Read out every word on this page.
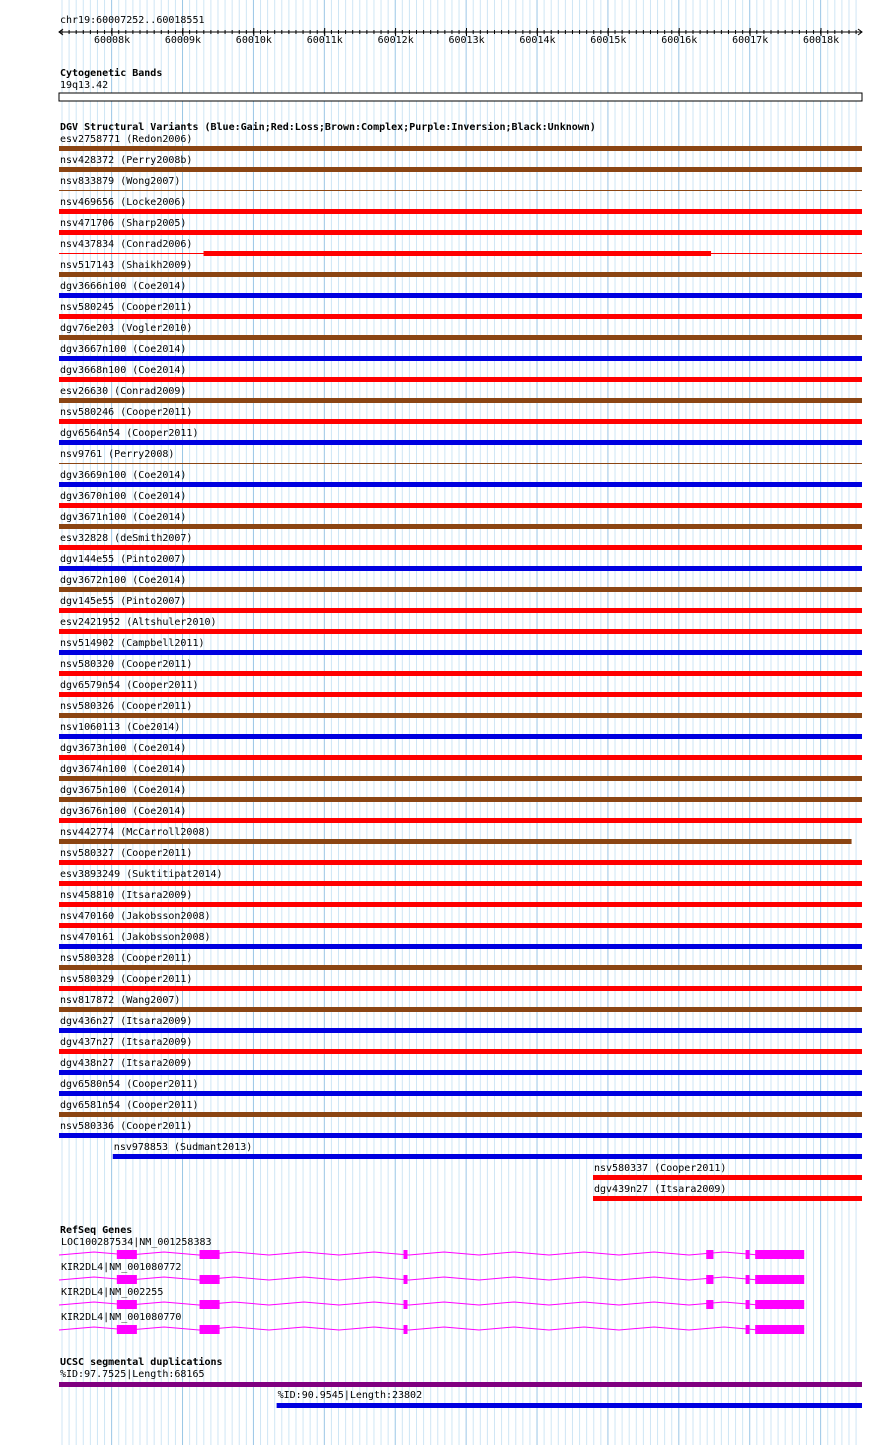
chr19:60007252..60018551
60008k	60009k	60010k	60011k	60012k	60013k	60014k	60015k	60016k	60017k	60018k
Cytogenetic Bands
19q13.42
DGV Structural Variants (Blue:Gain;Red:Loss;Brown:Complex;Purple:Inversion;Black:Unknown)
esv2758771 (Redon2006)
nsv428372 (Perry2008b)
nsv833879 (Wong2007)
nsv469656 (Locke2006)
nsv471706 (Sharp2005)
nsv437834 (Conrad2006)
nsv517143 (Shaikh2009)
dgv3666n100 (Coe2014)
nsv580245 (Cooper2011)
dgv76e203 (Vogler2010)
dgv3667n100 (Coe2014)
dgv3668n100 (Coe2014)
esv26630 (Conrad2009)
nsv580246 (Cooper2011)
dgv6564n54 (Cooper2011)
nsv9761 (Perry2008)
dgv3669n100 (Coe2014)
dgv3670n100 (Coe2014)
dgv3671n100 (Coe2014)
esv32828 (deSmith2007)
dgv144e55 (Pinto2007)
dgv3672n100 (Coe2014)
dgv145e55 (Pinto2007)
esv2421952 (Altshuler2010)
nsv514902 (Campbell2011)
nsv580320 (Cooper2011)
dgv6579n54 (Cooper2011)
nsv580326 (Cooper2011)
nsv1060113 (Coe2014)
dgv3673n100 (Coe2014)
dgv3674n100 (Coe2014)
dgv3675n100 (Coe2014)
dgv3676n100 (Coe2014)
nsv442774 (McCarroll2008)
nsv580327 (Cooper2011)
esv3893249 (Suktitipat2014)
nsv458810 (Itsara2009)
nsv470160 (Jakobsson2008)
nsv470161 (Jakobsson2008)
nsv580328 (Cooper2011)
nsv580329 (Cooper2011)
nsv817872 (Wang2007)
dgv436n27 (Itsara2009)
dgv437n27 (Itsara2009)
dgv438n27 (Itsara2009)
dgv6580n54 (Cooper2011)
dgv6581n54 (Cooper2011)
nsv580336 (Cooper2011)
nsv978853 (Sudmant2013)
nsv580337 (Cooper2011)
dgv439n27 (Itsara2009)
RefSeq Genes
LOC100287534|NM_001258383
KIR2DL4|NM_001080772
KIR2DL4|NM_002255
KIR2DL4|NM_001080770
UCSC segmental duplications
%ID:97.7525|Length:68165
%ID:90.9545|Length:23802
